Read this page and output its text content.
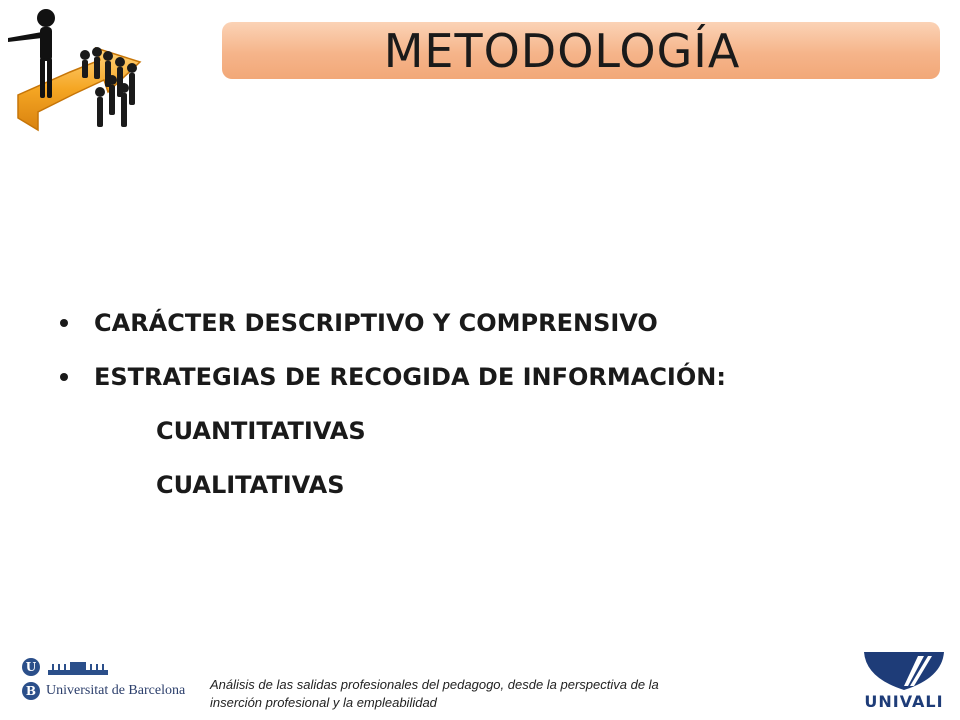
METODOLOGÍA
CARÁCTER DESCRIPTIVO Y COMPRENSIVO
ESTRATEGIAS DE RECOGIDA DE INFORMACIÓN:
CUANTITATIVAS
CUALITATIVAS
U
B Universitat de Barcelona Análisis de las salidas profesionales del pedagogo, desde la perspectiva de la
inserción profesional y la empleabilidad	UNIVALI
